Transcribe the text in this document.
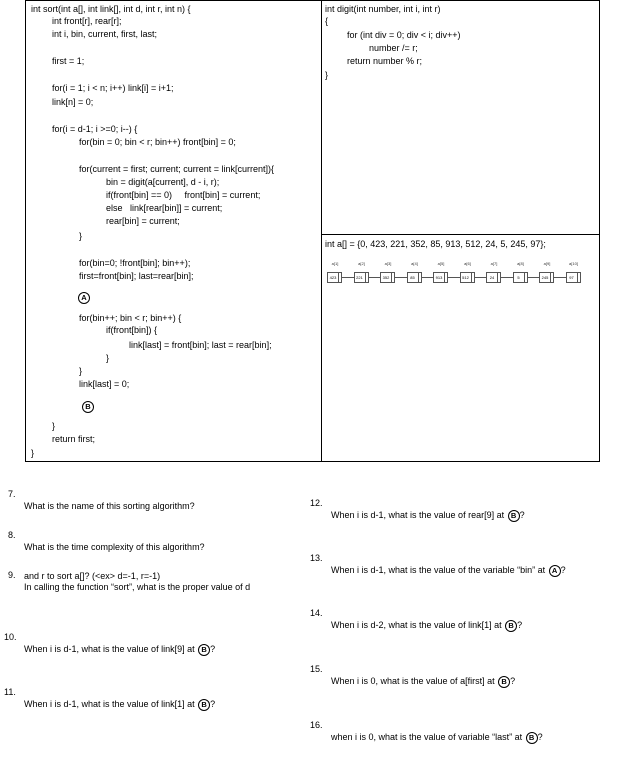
int sort(int a[], int link[], int d, int r, int n) {
int front[r], rear[r];
int i, bin, current, first, last;
first = 1;
for(i = 1; i < n; i++) link[i] = i+1;
link[n] = 0;
for(i = d-1; i >=0; i--) {
for(bin = 0; bin < r; bin++) front[bin] = 0;
for(current = first; current; current = link[current]){
bin = digit(a[current], d - i, r);
if(front[bin] == 0)     front[bin] = current;
else   link[rear[bin]] = current;
rear[bin] = current;
}
for(bin=0; !front[bin]; bin++);
first=front[bin]; last=rear[bin];
A
for(bin++; bin < r; bin++) {
if(front[bin]) {
link[last] = front[bin]; last = rear[bin];
}
}
link[last] = 0;
B
}
return first;
}
int digit(int number, int i, int r)
{
for (int div = 0; div < i; div++)
number /= r;
return number % r;
}
int a[] = {0, 423, 221, 352, 85, 913, 512, 24, 5, 245, 97};
a[1]
423
a[2]
221
a[3]
352
a[4]
85
a[5]
913
a[6]
512
a[7]
24
a[8]
5
a[9]
245
a[10]
97

7.

What is the name of this sorting algorithm?

8.

What is the time complexity of this algorithm?

9.

In calling the function “sort”, what is the proper value of d

and r to sort a[]? (<ex> d=-1, r=-1)

10.

When i is d-1, what is the value of link[9] at B ?

11.

When i is d-1, what is the value of link[1] at B ?

12.

When i is d-1, what is the value of rear[9] at B ?

13.

When i is d-1, what is the value of the variable “bin” at A ?

14.

When i is d-2, what is the value of link[1] at B ?

15.

When i is 0, what is the value of a[first] at B ?

16.

when i is 0, what is the value of variable “last” at B ?
